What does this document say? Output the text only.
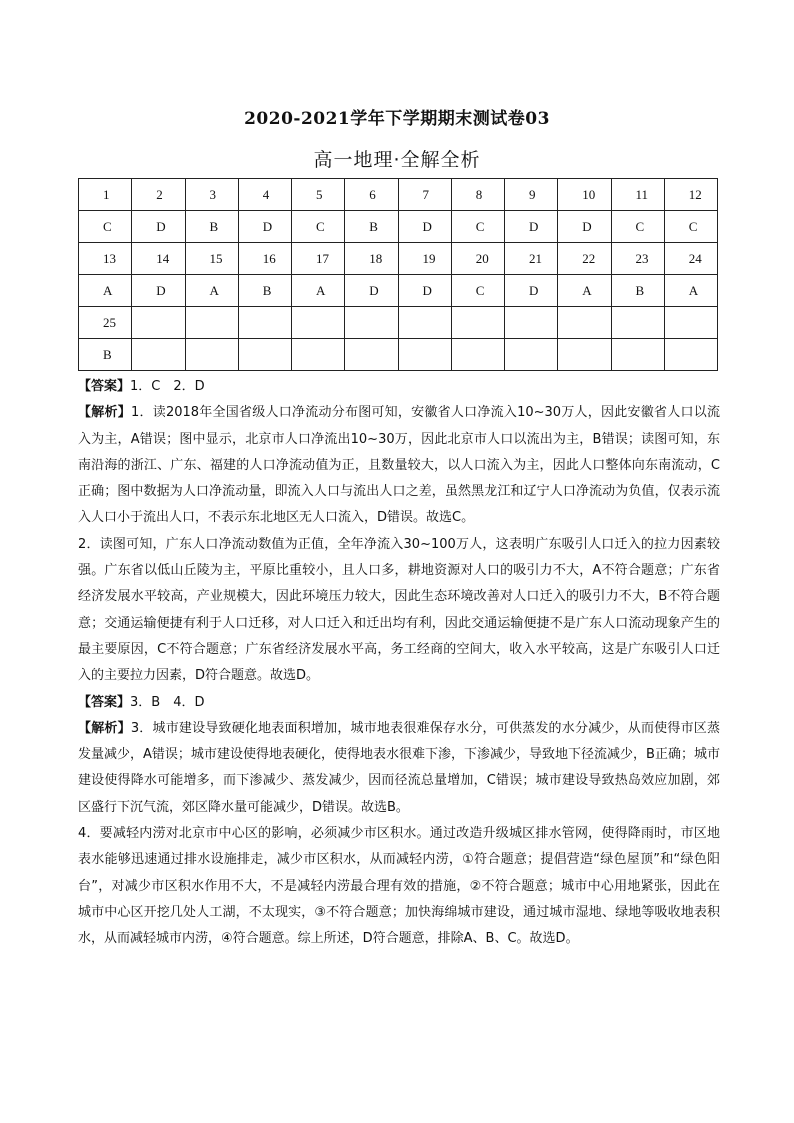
2020-2021学年下学期期末测试卷03
高一地理·全解全析
1	2	3	4	5	6	7	8	9	10	11	12
C	D	B	D	C	B	D	C	D	D	C	C
13	14	15	16	17	18	19	20	21	22	23	24
A	D	A	B	A	D	D	C	D	A	B	A
25											
B											

【答案】1．C　2．D

【解析】1．读2018年全国省级人口净流动分布图可知，安徽省人口净流入10~30万人，因此安徽省人口以流入为主，A错误；图中显示，北京市人口净流出10~30万，因此北京市人口以流出为主，B错误；读图可知，东南沿海的浙江、广东、福建的人口净流动值为正，且数量较大，以人口流入为主，因此人口整体向东南流动，C正确；图中数据为人口净流动量，即流入人口与流出人口之差，虽然黑龙江和辽宁人口净流动为负值，仅表示流入人口小于流出人口，不表示东北地区无人口流入，D错误。故选C。

2．读图可知，广东人口净流动数值为正值，全年净流入30~100万人，这表明广东吸引人口迁入的拉力因素较强。广东省以低山丘陵为主，平原比重较小，且人口多，耕地资源对人口的吸引力不大，A不符合题意；广东省经济发展水平较高，产业规模大，因此环境压力较大，因此生态环境改善对人口迁入的吸引力不大，B不符合题意；交通运输便捷有利于人口迁移，对人口迁入和迁出均有利，因此交通运输便捷不是广东人口流动现象产生的最主要原因，C不符合题意；广东省经济发展水平高，务工经商的空间大，收入水平较高，这是广东吸引人口迁入的主要拉力因素，D符合题意。故选D。

【答案】3．B　4．D

【解析】3．城市建设导致硬化地表面积增加，城市地表很难保存水分，可供蒸发的水分减少，从而使得市区蒸发量减少，A错误；城市建设使得地表硬化，使得地表水很难下渗，下渗减少，导致地下径流减少，B正确；城市建设使得降水可能增多，而下渗减少、蒸发减少，因而径流总量增加，C错误；城市建设导致热岛效应加剧，郊区盛行下沉气流，郊区降水量可能减少，D错误。故选B。

4．要减轻内涝对北京市中心区的影响，必须减少市区积水。通过改造升级城区排水管网，使得降雨时，市区地表水能够迅速通过排水设施排走，减少市区积水，从而减轻内涝，①符合题意；提倡营造“绿色屋顶”和“绿色阳台”，对减少市区积水作用不大，不是减轻内涝最合理有效的措施，②不符合题意；城市中心用地紧张，因此在城市中心区开挖几处人工湖，不太现实，③不符合题意；加快海绵城市建设，通过城市湿地、绿地等吸收地表积水，从而减轻城市内涝，④符合题意。综上所述，D符合题意，排除A、B、C。故选D。
